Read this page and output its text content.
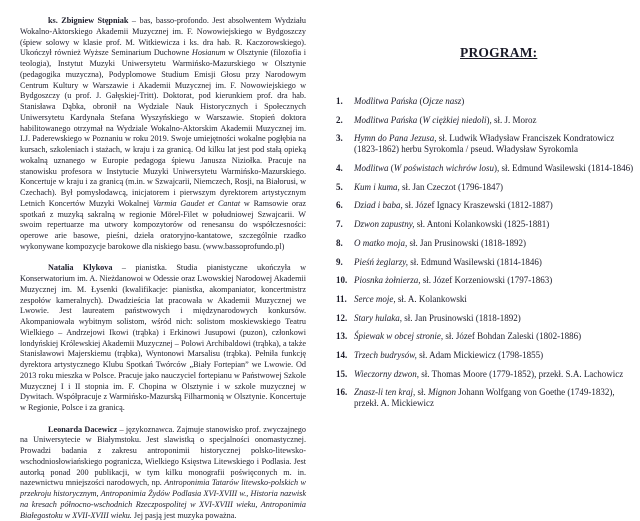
ks. Zbigniew Stępniak – bas, basso-profondo. Jest absolwentem Wydziału Wokalno-Aktorskiego Akademii Muzycznej im. F. Nowowiejskiego w Bydgoszczy (śpiew solowy w klasie prof. M. Witkiewicza i ks. dra hab. R. Kaczorowskiego). Ukończył również Wyższe Seminarium Duchowne Hosianum w Olsztynie (filozofia i teologia), Instytut Muzyki Uniwersytetu Warmińsko-Mazurskiego w Olsztynie (pedagogika muzyczna), Podyplomowe Studium Emisji Głosu przy Narodowym Centrum Kultury w Warszawie i Akademii Muzycznej im. F. Nowowiejskiego w Bydgoszczy (u prof. J. Gałęskiej-Tritt). Doktorat, pod kierunkiem prof. dra hab. Stanisława Dąbka, obronił na Wydziale Nauk Historycznych i Społecznych Uniwersytetu Kardynała Stefana Wyszyńskiego w Warszawie. Stopień doktora habilitowanego otrzymał na Wydziale Wokalno-Aktorskim Akademii Muzycznej im. I.J. Paderewskiego w Poznaniu w roku 2019. Swoje umiejętności wokalne pogłębia na kursach, szkoleniach i stażach, w kraju i za granicą. Od kilku lat jest pod stałą opieką wokalną uznanego w Europie pedagoga śpiewu Janusza Niziołka. Pracuje na stanowisku profesora w Instytucie Muzyki Uniwersytetu Warmińsko-Mazurskiego. Koncertuje w kraju i za granicą (m.in. w Szwajcarii, Niemczech, Rosji, na Białorusi, w Czechach). Był pomysłodawcą, inicjatorem i pierwszym dyrektorem artystycznym Letnich Koncertów Muzyki Wokalnej Varmia Gaudet et Cantat w Ramsowie oraz spotkań z muzyką sakralną w regionie Mörel-Filet w południowej Szwajcarii. W swoim repertuarze ma utwory kompozytorów od renesansu do współczesności: operowe arie basowe, pieśni, dzieła oratoryjno-kantatowe, szczególnie rzadko wykonywane kompozycje barokowe dla niskiego basu. (www.bassoprofundo.pl)

Natalia Klykova – pianistka. Studia pianistyczne ukończyła w Konserwatorium im. A. Nieżdanowoi w Odessie oraz Lwowskiej Narodowej Akademii Muzycznej im. M. Łysenki (kwalifikacje: pianistka, akompaniator, koncertmistrz zespołów kameralnych). Dwadzieścia lat pracowała w Akademii Muzycznej we Lwowie. Jest laureatem państwowych i międzynarodowych konkursów. Akompaniowała wybitnym solistom, wśród nich: solistom moskiewskiego Teatru Wielkiego – Andrzejowi Ikowi (trąbka) i Erkinowi Jusupowi (puzon), członkowi londyńskiej Królewskiej Akademii Muzycznej – Polowi Archibaldowi (trąbka), a także Stanisławowi Majerskiemu (trąbka), Wyntonowi Marsalisu (trąbka). Pełniła funkcję dyrektora artystycznego Klubu Spotkań Twórców „Biały Fortepian” we Lwowie. Od 2013 roku mieszka w Polsce. Pracuje jako nauczyciel fortepianu w Państwowej Szkole Muzycznej I i II stopnia im. F. Chopina w Olsztynie i w szkole muzycznej w Dywitach. Współpracuje z Warmińsko-Mazurską Filharmonią w Olsztynie. Koncertuje w Regionie, Polsce i za granicą.

Leonarda Dacewicz – językoznawca. Zajmuje stanowisko prof. zwyczajnego na Uniwersytecie w Białymstoku. Jest slawistką o specjalności onomastycznej. Prowadzi badania z zakresu antroponimii historycznej polsko-litewsko-wschodniosłowiańskiego pogranicza, Wielkiego Księstwa Litewskiego i Podlasia. Jest autorką ponad 200 publikacji, w tym kilku monografii poświęconych m. in. nazewnictwu mniejszości narodowych, np. Antroponimia Tatarów litewsko-polskich w przekroju historycznym, Antroponimia Żydów Podlasia XVI-XVIII w., Historia nazwisk na kresach północno-wschodnich Rzeczpospolitej w XVI-XVIII wieku, Antroponimia Białegostoku w XVII-XVIII wieku. Jej pasją jest muzyka poważna.

PROGRAM:
1.	Modlitwa Pańska (Ojcze nasz)
2.	Modlitwa Pańska (W ciężkiej niedoli), sł. J. Moroz
3.	Hymn do Pana Jezusa, sł. Ludwik Władysław Franciszek Kondratowicz (1823-1862) herbu Syrokomla / pseud. Władysław Syrokomla
4.	Modlitwa (W poświstach wichrów losu), sł. Edmund Wasilewski (1814-1846)
5.	Kum i kuma, sł. Jan Czeczot (1796-1847)
6.	Dziad i baba, sł. Józef Ignacy Kraszewski (1812-1887)
7.	Dzwon zapustny, sł. Antoni Kolankowski (1825-1881)
8.	O matko moja, sł. Jan Prusinowski (1818-1892)
9.	Pieśń żeglarzy, sł. Edmund Wasilewski (1814-1846)
10. Piosnka żołnierza, sł. Józef Korzeniowski (1797-1863)
11. Serce moje, sł. A. Kolankowski
12. Stary hulaka, sł. Jan Prusinowski (1818-1892)
13. Śpiewak w obcej stronie, sł. Józef Bohdan Zaleski (1802-1886)
14. Trzech budrysów, sł. Adam Mickiewicz (1798-1855)
15. Wieczorny dzwon, sł. Thomas Moore (1779-1852), przekł. S.A. Lachowicz
16. Znasz-li ten kraj, sł. Mignon Johann Wolfgang von Goethe (1749-1832), przekł. A. Mickiewicz
